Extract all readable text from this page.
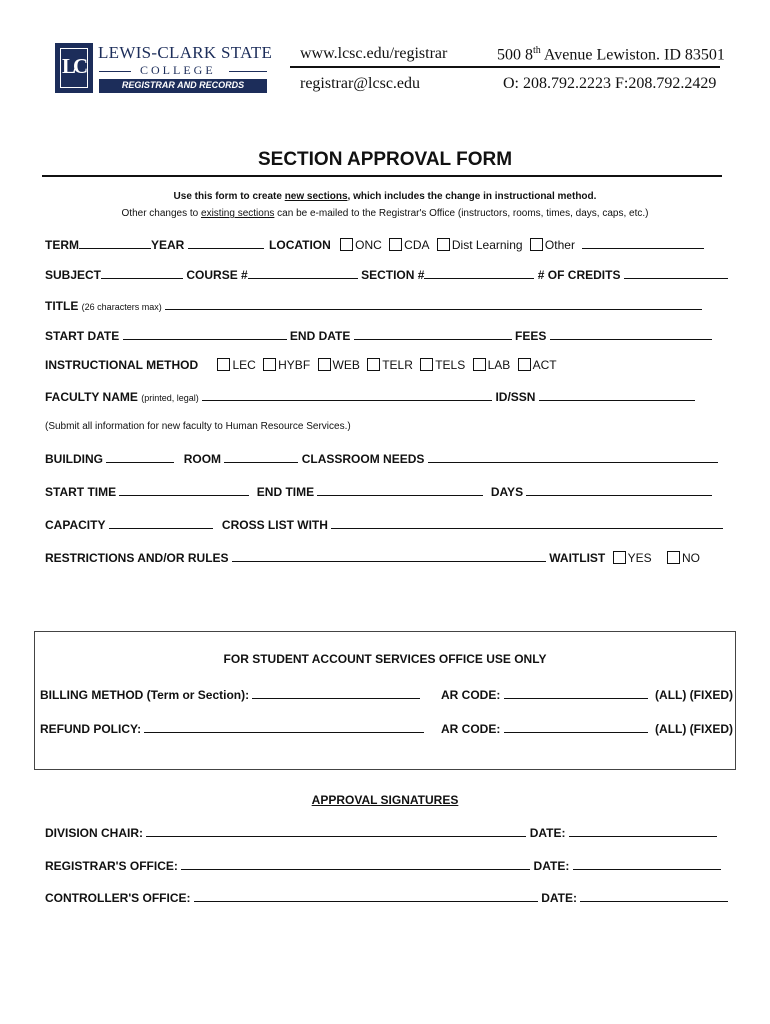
LC
LEWIS-CLARK STATE
COLLEGE
REGISTRAR AND RECORDS
www.lcsc.edu/registrar	500 8th Avenue Lewiston. ID 83501
registrar@lcsc.edu	O: 208.792.2223 F:208.792.2429
SECTION APPROVAL FORM
Use this form to create new sections, which includes the change in instructional method.
Other changes to existing sections can be e-mailed to the Registrar's Office (instructors, rooms, times, days, caps, etc.)
TERM	YEAR	LOCATION ONC CDA Dist Learning Other
SUBJECT	COURSE #	SECTION #	# OF CREDITS
TITLE (26 characters max)
START DATE	END DATE	FEES
INSTRUCTIONAL METHOD	LEC HYBF WEB TELR TELS LAB ACT
FACULTY NAME (printed, legal)	ID/SSN
(Submit all information for new faculty to Human Resource Services.)
BUILDING	ROOM	CLASSROOM NEEDS
START TIME	END TIME	DAYS
CAPACITY	CROSS LIST WITH
RESTRICTIONS AND/OR RULES	WAITLIST YES	NO
FOR STUDENT ACCOUNT SERVICES OFFICE USE ONLY
BILLING METHOD (Term or Section):	AR CODE:	(ALL) (FIXED)
REFUND POLICY:	AR CODE:	(ALL) (FIXED)
APPROVAL SIGNATURES
DIVISION CHAIR:	DATE:
REGISTRAR'S OFFICE:	DATE:
CONTROLLER'S OFFICE:	DATE:
